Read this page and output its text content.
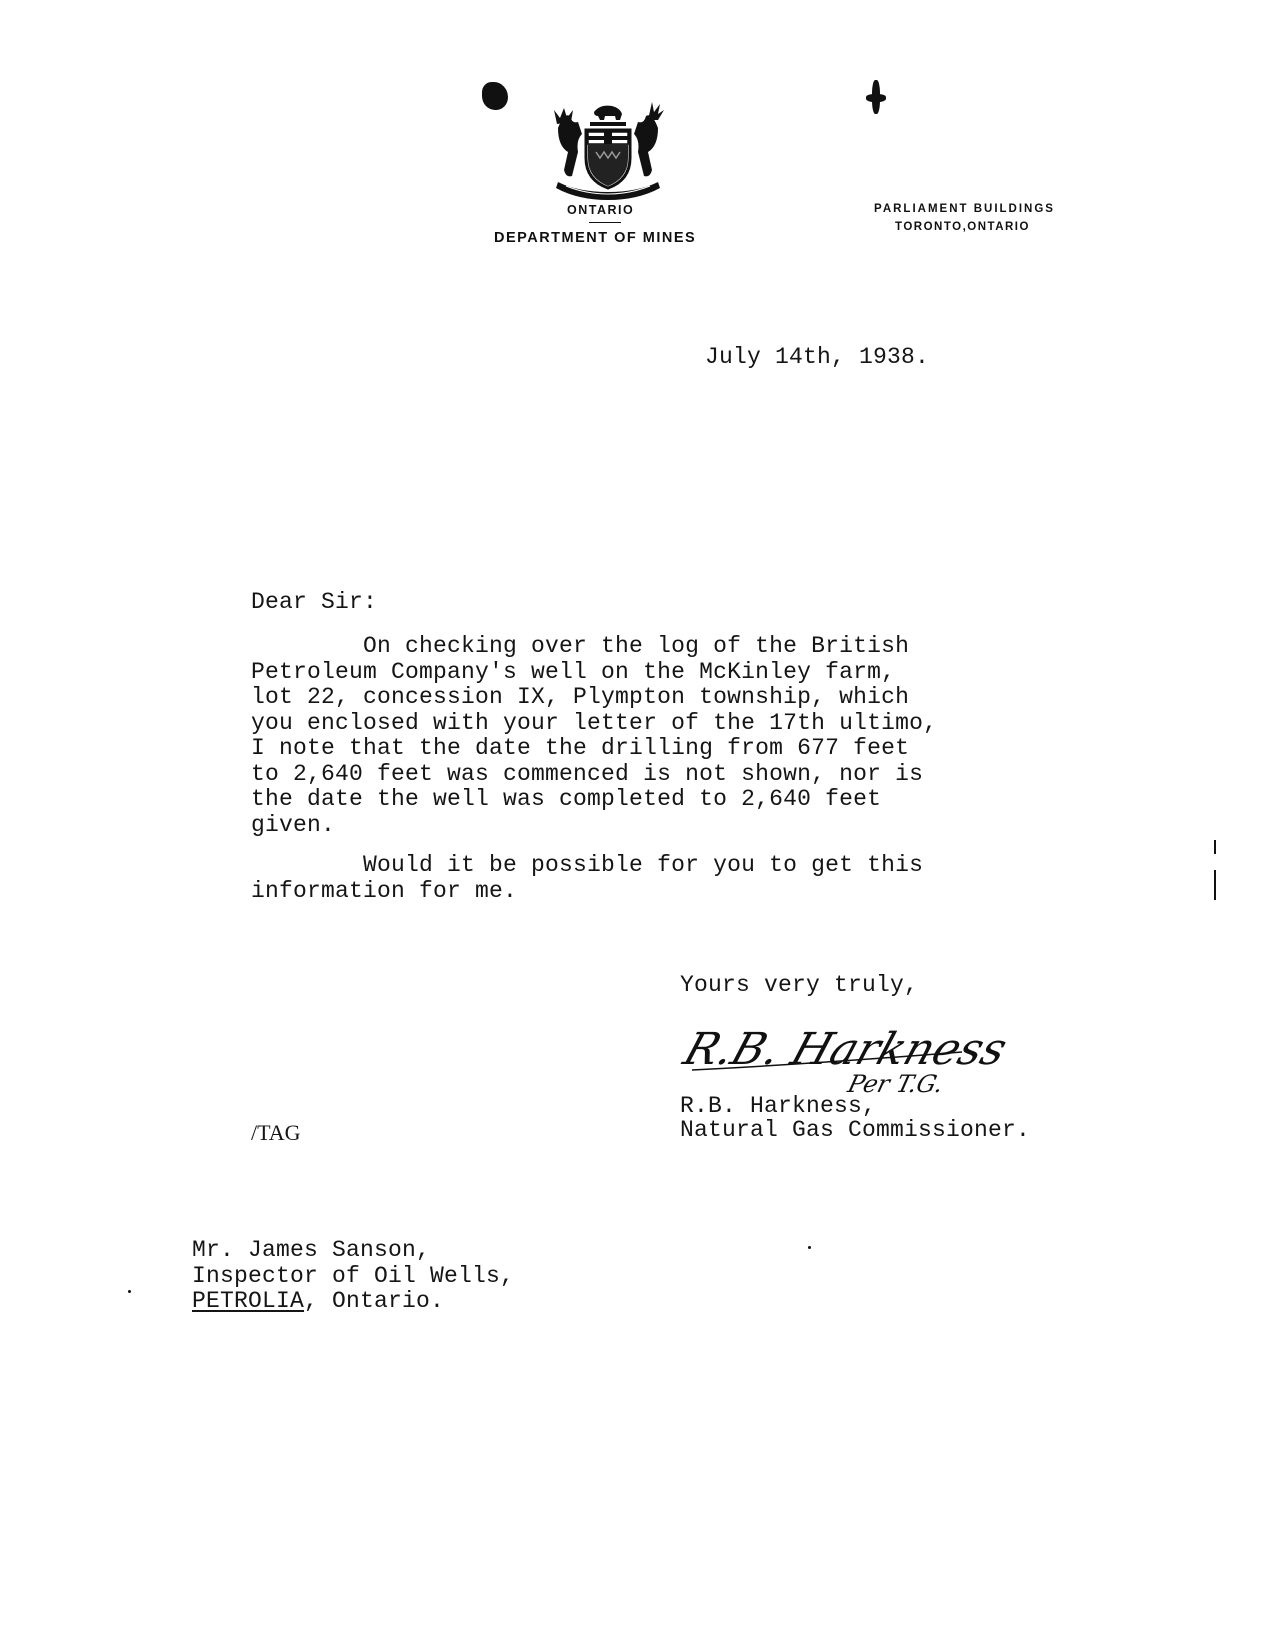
ONTARIO
DEPARTMENT OF MINES
PARLIAMENT BUILDINGS
TORONTO,ONTARIO
July 14th, 1938.
Dear Sir:
On checking over the log of the British
Petroleum Company's well on the McKinley farm,
lot 22, concession IX, Plympton township, which
you enclosed with your letter of the 17th ultimo,
I note that the date the drilling from 677 feet
to 2,640 feet was commenced is not shown, nor is
the date the well was completed to 2,640 feet
given.
Would it be possible for you to get this
information for me.
Yours very truly,
R.B. Harkness
Per T.G.
R.B. Harkness,
Natural Gas Commissioner.
/TAG
Mr. James Sanson,
Inspector of Oil Wells,
PETROLIA, Ontario.
